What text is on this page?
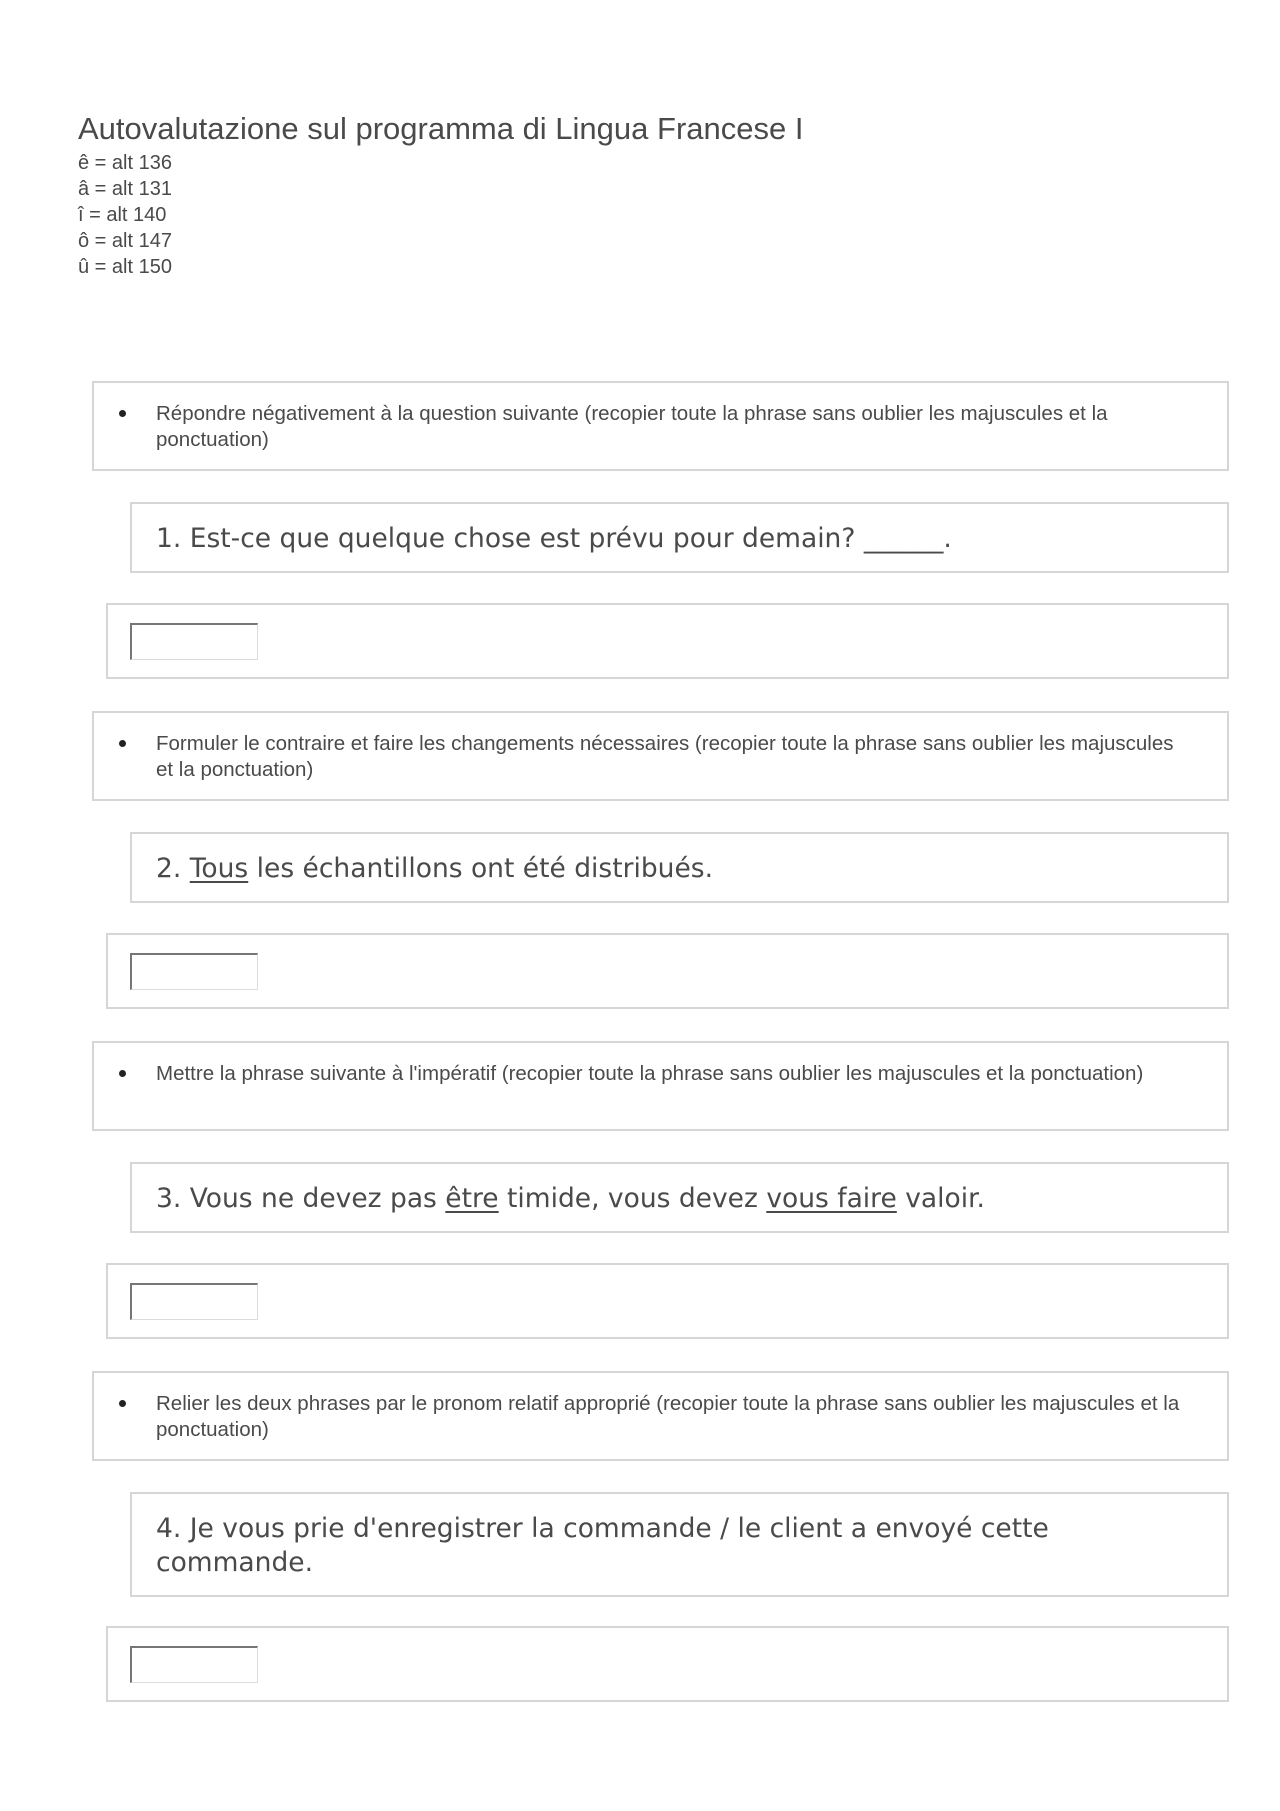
Autovalutazione sul programma di Lingua Francese I
ê = alt 136
â = alt 131
î = alt 140
ô = alt 147
û = alt 150
Répondre négativement à la question suivante (recopier toute la phrase sans oublier les majuscules et la ponctuation)
1. Est-ce que quelque chose est prévu pour demain? ______.
Formuler le contraire et faire les changements nécessaires (recopier toute la phrase sans oublier les majuscules et la ponctuation)
2. Tous les échantillons ont été distribués.
Mettre la phrase suivante à l'impératif (recopier toute la phrase sans oublier les majuscules et la ponctuation)
3. Vous ne devez pas être timide, vous devez vous faire valoir.
Relier les deux phrases par le pronom relatif approprié (recopier toute la phrase sans oublier les majuscules et la ponctuation)
4. Je vous prie d'enregistrer la commande / le client a envoyé cette commande.
